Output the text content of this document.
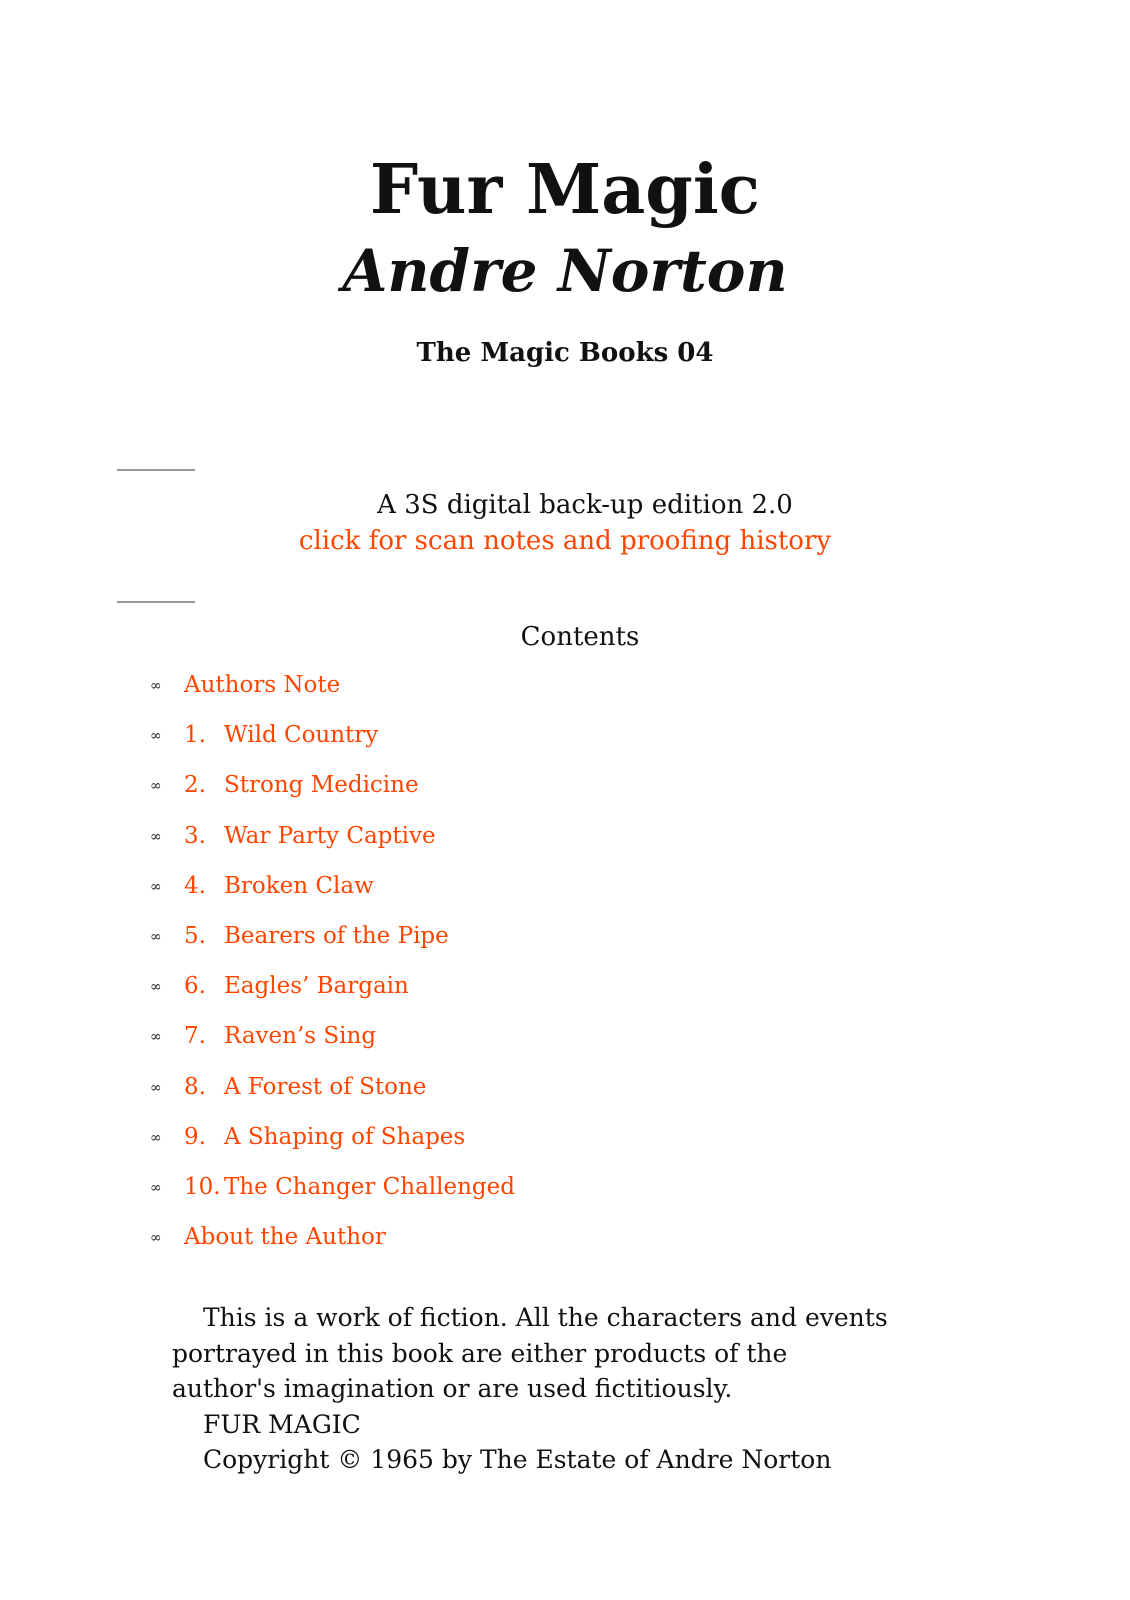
Fur Magic
Andre Norton
The Magic Books 04
A 3S digital back-up edition 2.0
click for scan notes and proofing history
Contents
∞ Authors Note
∞ 1. Wild Country
∞ 2. Strong Medicine
∞ 3. War Party Captive
∞ 4. Broken Claw
∞ 5. Bearers of the Pipe
∞ 6. Eagles’ Bargain
∞ 7. Raven’s Sing
∞ 8. A Forest of Stone
∞ 9. A Shaping of Shapes
∞ 10. The Changer Challenged
∞ About the Author

This is a work of fiction. All the characters and events portrayed in this book are either products of the author's imagination or are used fictitiously.

FUR MAGIC

Copyright © 1965 by The Estate of Andre Norton
